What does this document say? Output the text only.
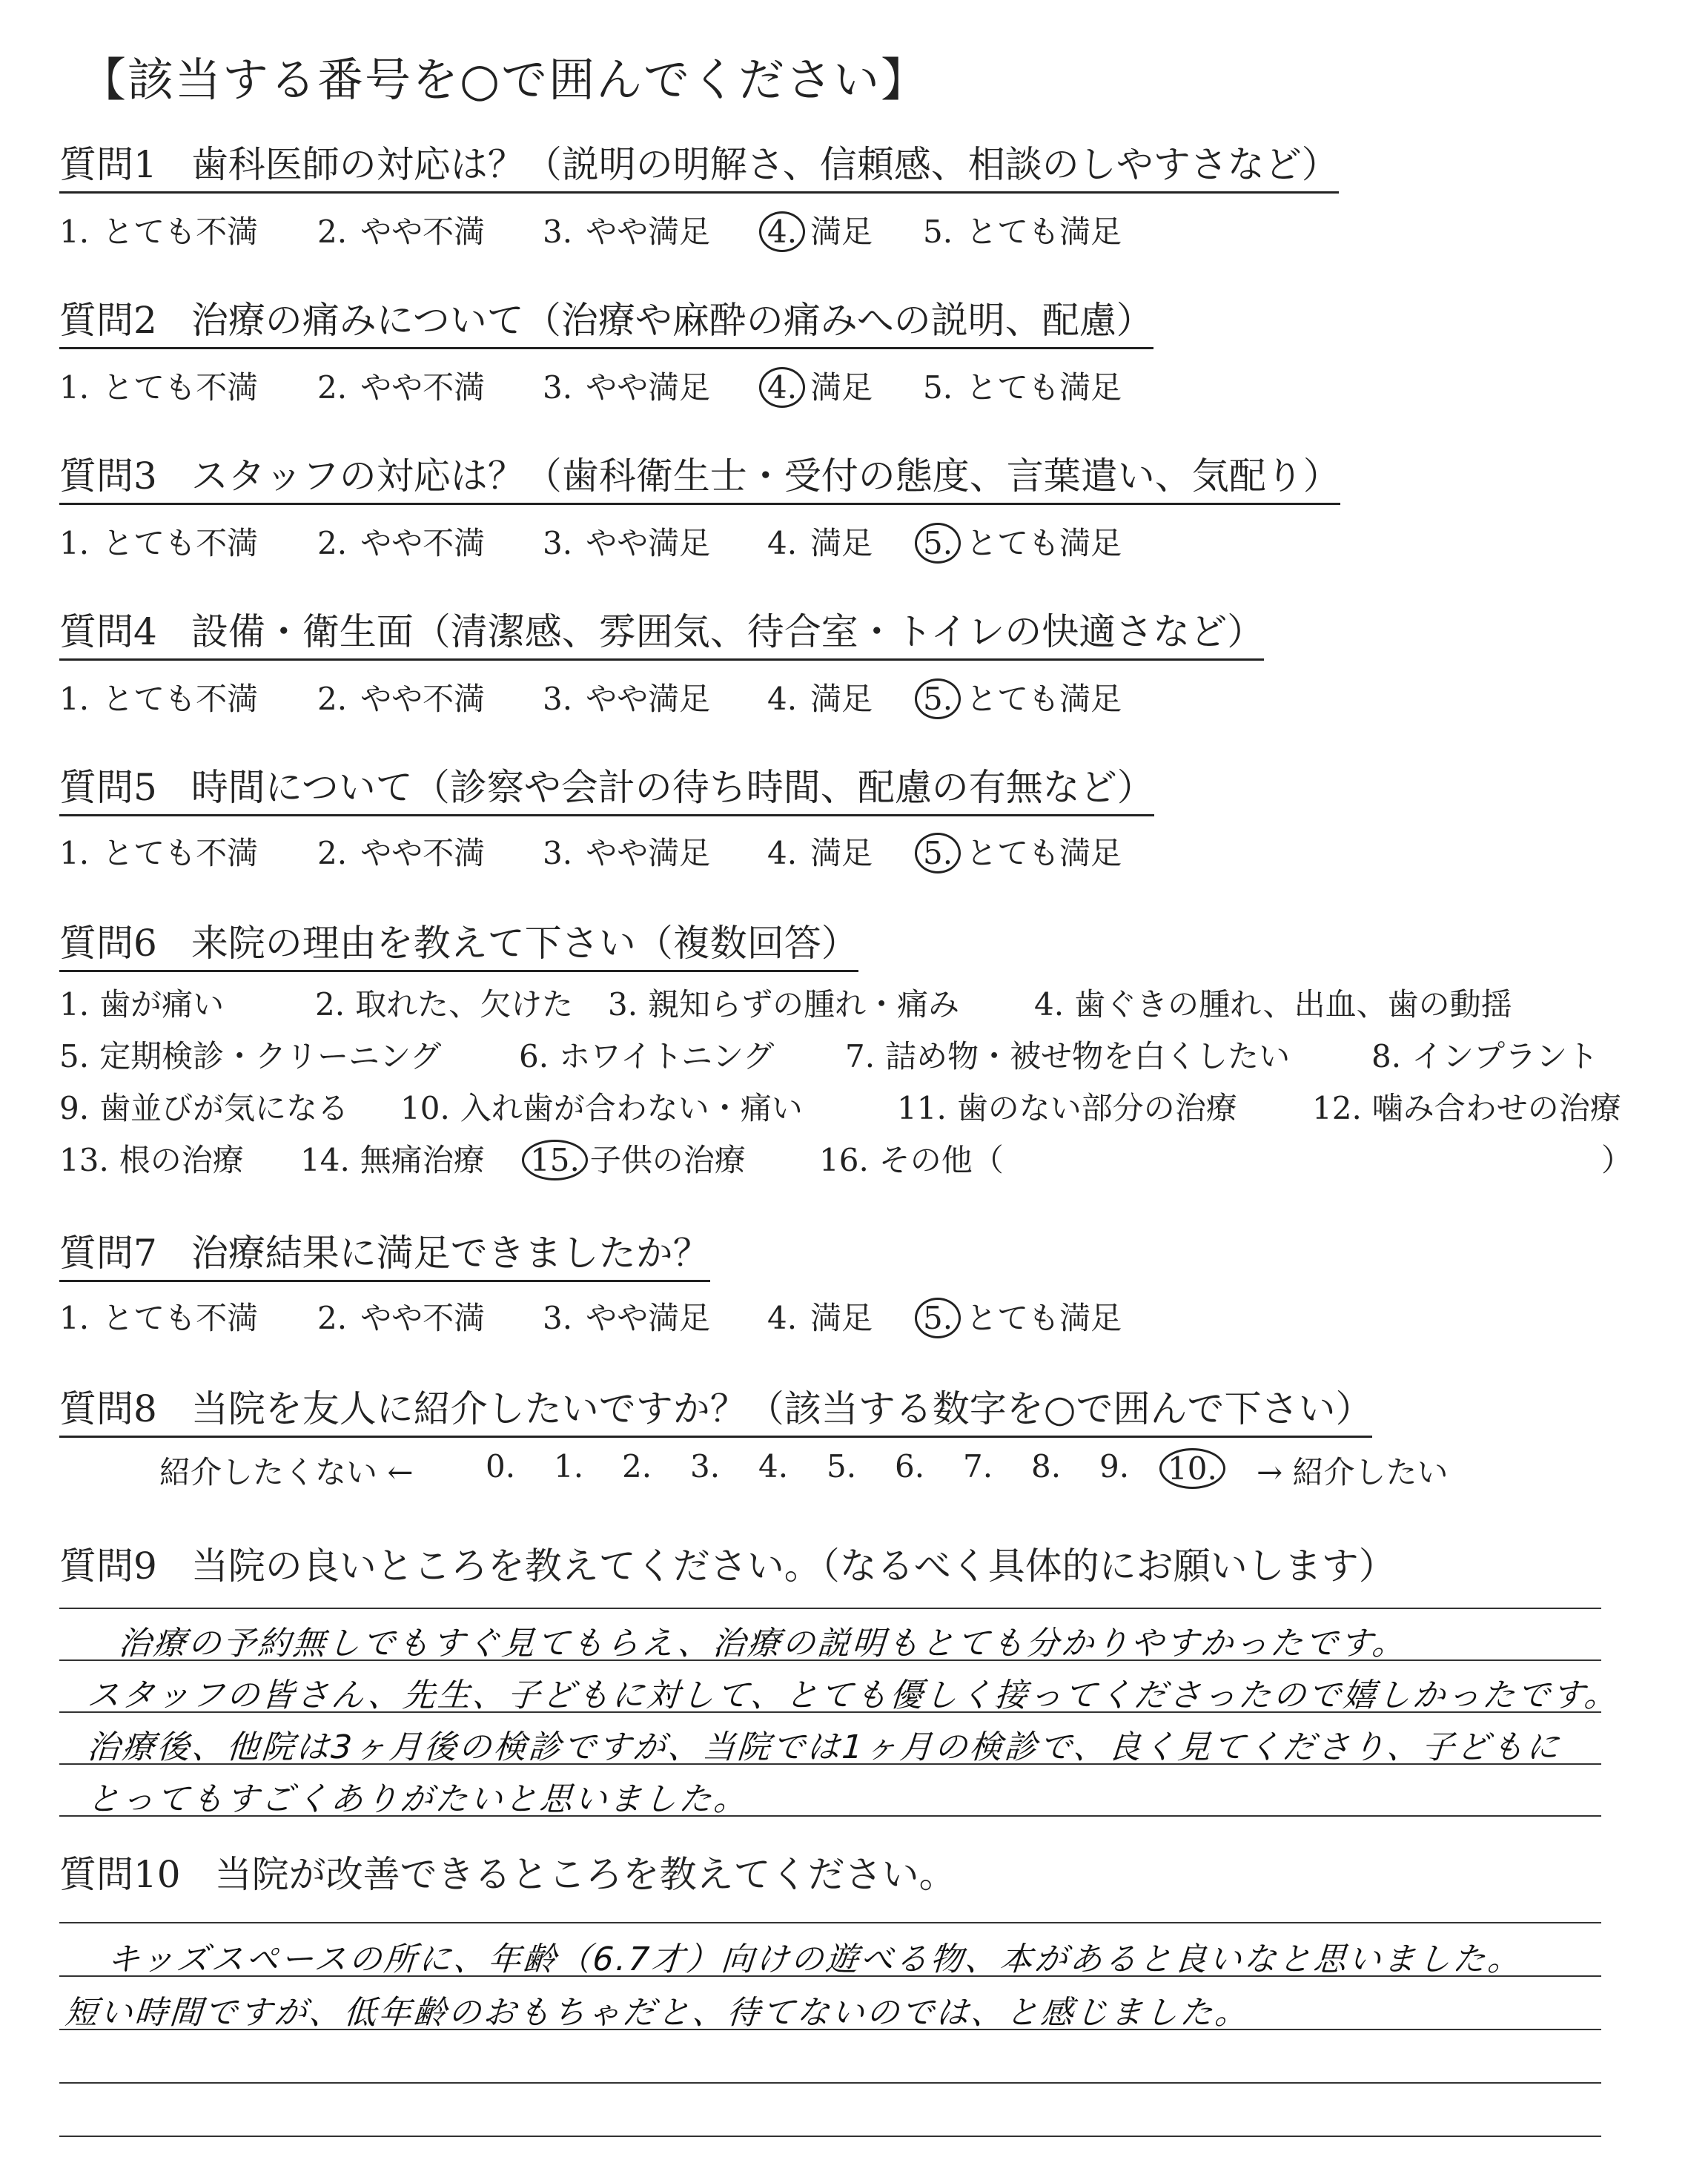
【該当する番号を○で囲んでください】
質問1 歯科医師の対応は？（説明の明解さ、信頼感、相談のしやすさなど）
1. とても不満 2. やや不満 3. やや満足 4. 満足 5. とても満足
質問2 治療の痛みについて（治療や麻酔の痛みへの説明、配慮）
1. とても不満 2. やや不満 3. やや満足 4. 満足 5. とても満足
質問3 スタッフの対応は？（歯科衛生士・受付の態度、言葉遣い、気配り）
1. とても不満 2. やや不満 3. やや満足 4. 満足 5. とても満足
質問4 設備・衛生面（清潔感、雰囲気、待合室・トイレの快適さなど）
1. とても不満 2. やや不満 3. やや満足 4. 満足 5. とても満足
質問5 時間について（診察や会計の待ち時間、配慮の有無など）
1. とても不満 2. やや不満 3. やや満足 4. 満足 5. とても満足
質問6 来院の理由を教えて下さい（複数回答）
1. 歯が痛い	2. 取れた、欠けた 3. 親知らずの腫れ・痛み 4. 歯ぐきの腫れ、出血、歯の動揺
5. 定期検診・クリーニング 6. ホワイトニング 7. 詰め物・被せ物を白くしたい	8. インプラント
9. 歯並びが気になる 10. 入れ歯が合わない・痛い	11. 歯のない部分の治療 12. 噛み合わせの治療
13. 根の治療 14. 無痛治療 15. 子供の治療 16. その他（	）
質問7 治療結果に満足できましたか？
1. とても不満 2. やや不満 3. やや満足 4. 満足 5. とても満足
質問8 当院を友人に紹介したいですか？（該当する数字を○で囲んで下さい）
紹介したくない ← 0. 1. 2. 3. 4. 5. 6. 7. 8. 9. 10. → 紹介したい
質問9 当院の良いところを教えてください。（なるべく具体的にお願いします）
治療の予約無しでもすぐ見てもらえ、治療の説明もとても分かりやすかったです。
スタッフの皆さん、先生、子どもに対して、とても優しく接ってくださったので嬉しかったです。
治療後、他院は3ヶ月後の検診ですが、当院では1ヶ月の検診で、良く見てくださり、子どもに
とってもすごくありがたいと思いました。
質問10 当院が改善できるところを教えてください。
キッズスペースの所に、年齢（6.7才）向けの遊べる物、本があると良いなと思いました。
短い時間ですが、低年齢のおもちゃだと、待てないのでは、と感じました。
